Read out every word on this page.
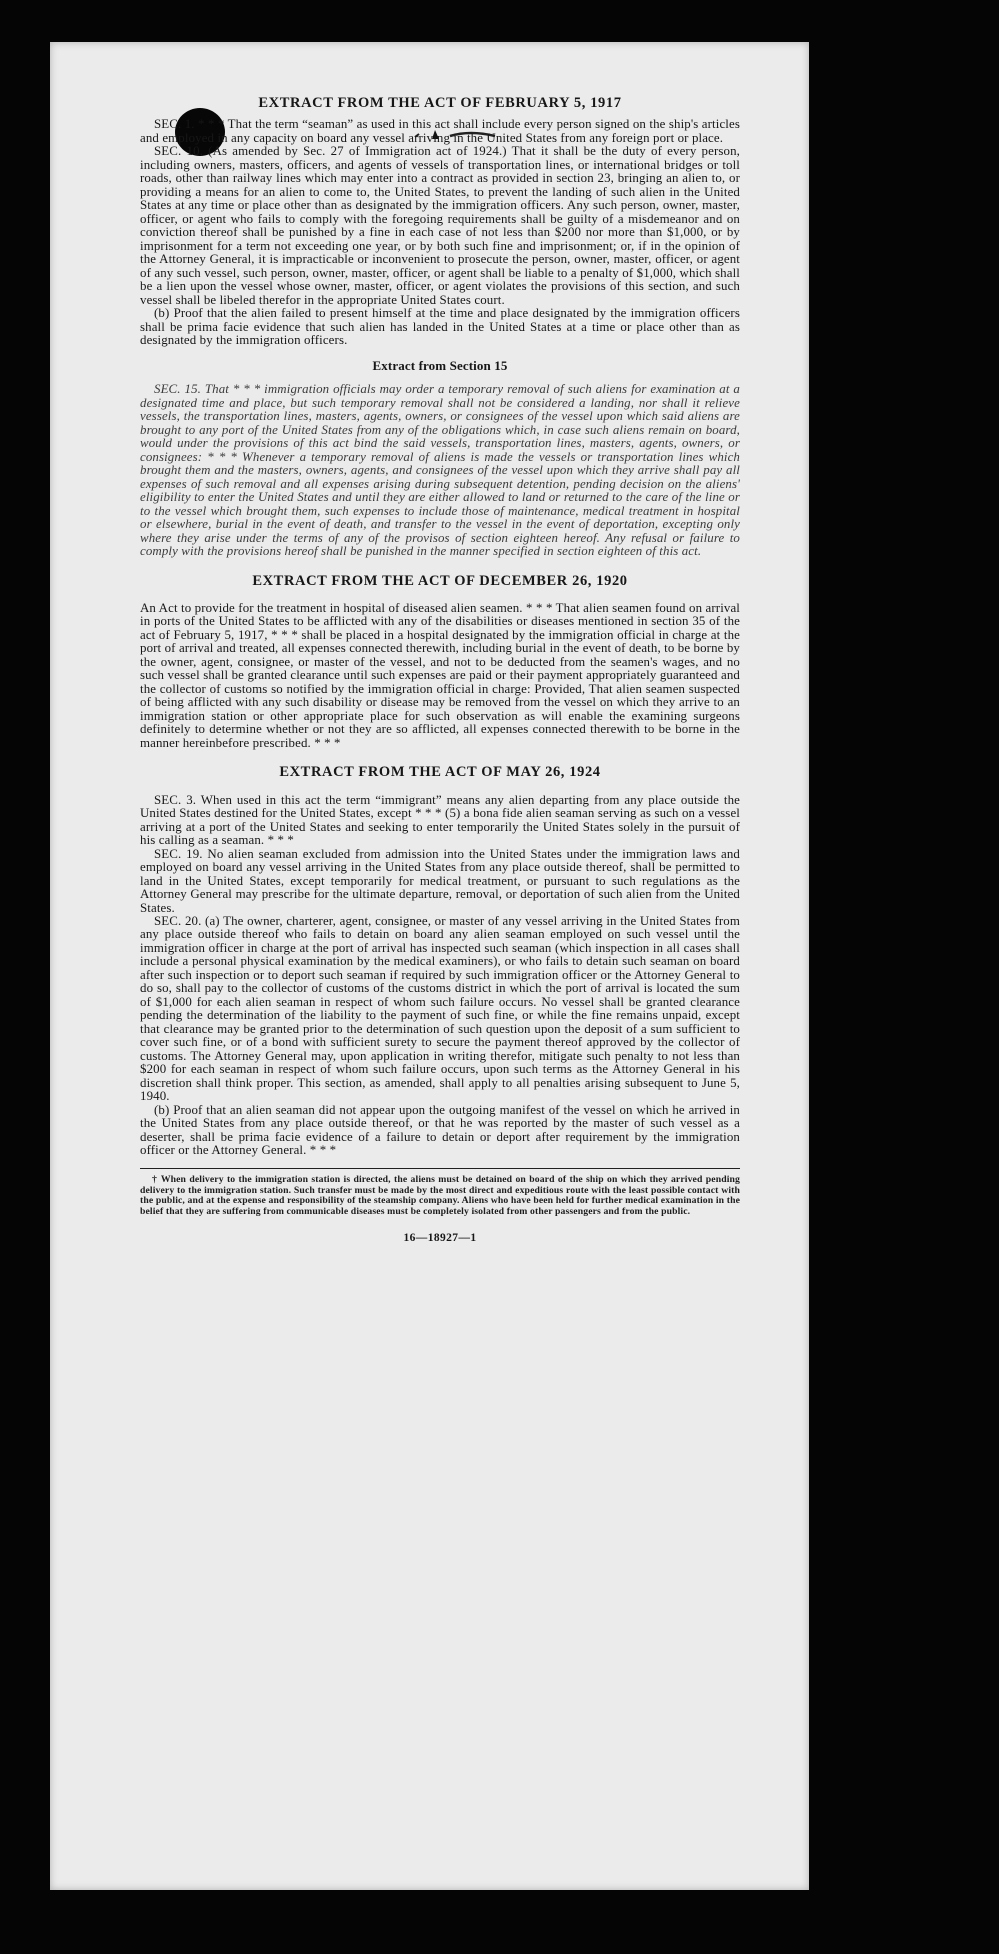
EXTRACT FROM THE ACT OF FEBRUARY 5, 1917

SEC. 1. * * * That the term “seaman” as used in this act shall include every person signed on the ship's articles and employed in any capacity on board any vessel arriving in the United States from any foreign port or place.

SEC. 10. (As amended by Sec. 27 of Immigration act of 1924.) That it shall be the duty of every person, including owners, masters, officers, and agents of vessels of transportation lines, or international bridges or toll roads, other than railway lines which may enter into a contract as provided in section 23, bringing an alien to, or providing a means for an alien to come to, the United States, to prevent the landing of such alien in the United States at any time or place other than as designated by the immigration officers. Any such person, owner, master, officer, or agent who fails to comply with the foregoing requirements shall be guilty of a misdemeanor and on conviction thereof shall be punished by a fine in each case of not less than $200 nor more than $1,000, or by imprisonment for a term not exceeding one year, or by both such fine and imprisonment; or, if in the opinion of the Attorney General, it is impracticable or inconvenient to prosecute the person, owner, master, officer, or agent of any such vessel, such person, owner, master, officer, or agent shall be liable to a penalty of $1,000, which shall be a lien upon the vessel whose owner, master, officer, or agent violates the provisions of this section, and such vessel shall be libeled therefor in the appropriate United States court.

(b) Proof that the alien failed to present himself at the time and place designated by the immigration officers shall be prima facie evidence that such alien has landed in the United States at a time or place other than as designated by the immigration officers.

Extract from Section 15

SEC. 15. That * * * immigration officials may order a temporary removal of such aliens for examination at a designated time and place, but such temporary removal shall not be considered a landing, nor shall it relieve vessels, the transportation lines, masters, agents, owners, or consignees of the vessel upon which said aliens are brought to any port of the United States from any of the obligations which, in case such aliens remain on board, would under the provisions of this act bind the said vessels, transportation lines, masters, agents, owners, or consignees: * * * Whenever a temporary removal of aliens is made the vessels or transportation lines which brought them and the masters, owners, agents, and consignees of the vessel upon which they arrive shall pay all expenses of such removal and all expenses arising during subsequent detention, pending decision on the aliens' eligibility to enter the United States and until they are either allowed to land or returned to the care of the line or to the vessel which brought them, such expenses to include those of maintenance, medical treatment in hospital or elsewhere, burial in the event of death, and transfer to the vessel in the event of deportation, excepting only where they arise under the terms of any of the provisos of section eighteen hereof. Any refusal or failure to comply with the provisions hereof shall be punished in the manner specified in section eighteen of this act.

EXTRACT FROM THE ACT OF DECEMBER 26, 1920

An Act to provide for the treatment in hospital of diseased alien seamen. * * * That alien seamen found on arrival in ports of the United States to be afflicted with any of the disabilities or diseases mentioned in section 35 of the act of February 5, 1917, * * * shall be placed in a hospital designated by the immigration official in charge at the port of arrival and treated, all expenses connected therewith, including burial in the event of death, to be borne by the owner, agent, consignee, or master of the vessel, and not to be deducted from the seamen's wages, and no such vessel shall be granted clearance until such expenses are paid or their payment appropriately guaranteed and the collector of customs so notified by the immigration official in charge: Provided, That alien seamen suspected of being afflicted with any such disability or disease may be removed from the vessel on which they arrive to an immigration station or other appropriate place for such observation as will enable the examining surgeons definitely to determine whether or not they are so afflicted, all expenses connected therewith to be borne in the manner hereinbefore prescribed. * * *

EXTRACT FROM THE ACT OF MAY 26, 1924

SEC. 3. When used in this act the term “immigrant” means any alien departing from any place outside the United States destined for the United States, except * * * (5) a bona fide alien seaman serving as such on a vessel arriving at a port of the United States and seeking to enter temporarily the United States solely in the pursuit of his calling as a seaman. * * *

SEC. 19. No alien seaman excluded from admission into the United States under the immigration laws and employed on board any vessel arriving in the United States from any place outside thereof, shall be permitted to land in the United States, except temporarily for medical treatment, or pursuant to such regulations as the Attorney General may prescribe for the ultimate departure, removal, or deportation of such alien from the United States.

SEC. 20. (a) The owner, charterer, agent, consignee, or master of any vessel arriving in the United States from any place outside thereof who fails to detain on board any alien seaman employed on such vessel until the immigration officer in charge at the port of arrival has inspected such seaman (which inspection in all cases shall include a personal physical examination by the medical examiners), or who fails to detain such seaman on board after such inspection or to deport such seaman if required by such immigration officer or the Attorney General to do so, shall pay to the collector of customs of the customs district in which the port of arrival is located the sum of $1,000 for each alien seaman in respect of whom such failure occurs. No vessel shall be granted clearance pending the determination of the liability to the payment of such fine, or while the fine remains unpaid, except that clearance may be granted prior to the determination of such question upon the deposit of a sum sufficient to cover such fine, or of a bond with sufficient surety to secure the payment thereof approved by the collector of customs. The Attorney General may, upon application in writing therefor, mitigate such penalty to not less than $200 for each seaman in respect of whom such failure occurs, upon such terms as the Attorney General in his discretion shall think proper. This section, as amended, shall apply to all penalties arising subsequent to June 5, 1940.

(b) Proof that an alien seaman did not appear upon the outgoing manifest of the vessel on which he arrived in the United States from any place outside thereof, or that he was reported by the master of such vessel as a deserter, shall be prima facie evidence of a failure to detain or deport after requirement by the immigration officer or the Attorney General. * * *

† When delivery to the immigration station is directed, the aliens must be detained on board of the ship on which they arrived pending delivery to the immigration station. Such transfer must be made by the most direct and expeditious route with the least possible contact with the public, and at the expense and responsibility of the steamship company. Aliens who have been held for further medical examination in the belief that they are suffering from communicable diseases must be completely isolated from other passengers and from the public.

16—18927—1
